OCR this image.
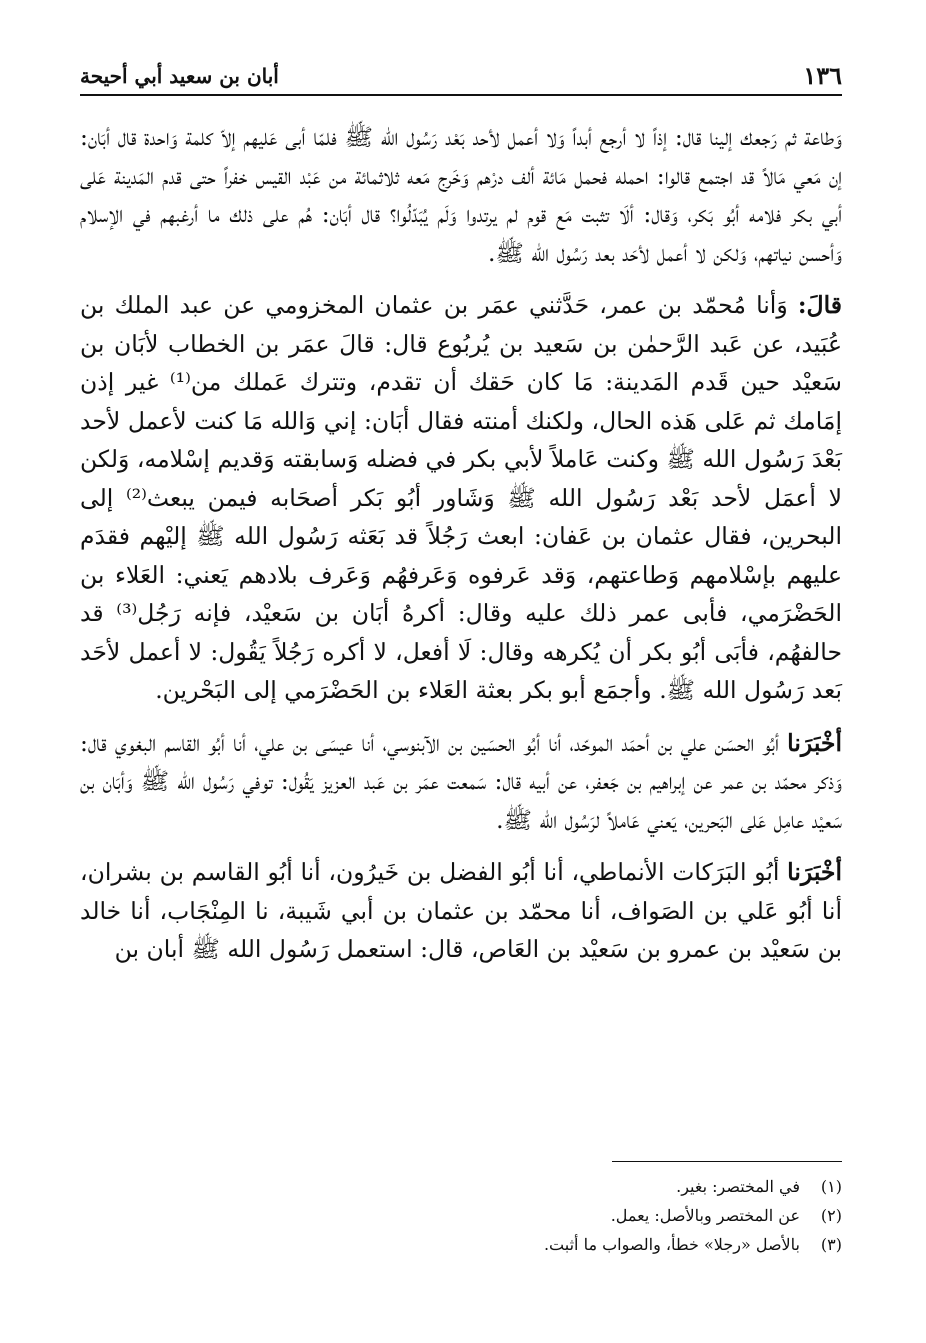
١٣٦
أبان بن سعيد أبي أحيحة

وَطاعة ثم رَجعك إلينا قال: إذاً لا أرجع أبداً وَلا أعمل لأحد بَعْد رَسُول الله ﷺ فلمّا أبى عَليهم إلاّ كلمة وَاحدة قال أبَان: إن مَعي مَالاً قد اجتمع قالوا: احمله فحمل مَائة ألف درْهم وَخَرج مَعه ثلاثمائة من عَبْد القيس خفراً حتى قدم المَدينة عَلى أبي بكر فلامه أبُو بَكر، وَقال: ألَا تثبت مَع قوم لم يرتدوا وَلَم يُبَدّلُوا؟ قال أبَان: هُم على ذلك ما أرغبهم في الإسلام وَأحسن نياتهم، وَلكن لا أعمل لأحَد بعد رَسُول الله ﷺ.

قالَ: وَأنا مُحمّد بن عمر، حَدَّثني عمَر بن عثمان المخزومي عن عبد الملك بن عُبَيد، عن عَبد الرَّحمٰن بن سَعيد بن يُربُوع قال: قالَ عمَر بن الخطاب لأبَان بن سَعيْد حين قَدم المَدينة: مَا كان حَقك أن تقدم، وتترك عَملك من⁽¹⁾ غير إذن إمَامك ثم عَلى هَذه الحال، ولكنك أمنته فقال أبَان: إني وَالله مَا كنت لأعمل لأحد بَعْدَ رَسُول الله ﷺ وكنت عَاملاً لأبي بكر في فضله وَسابقته وَقديم إسْلامه، وَلكن لا أعمَل لأحد بَعْد رَسُول الله ﷺ وَشَاور أبُو بَكر أصحَابه فيمن يبعث⁽²⁾ إلى البحرين، فقال عثمان بن عَفان: ابعث رَجُلاً قد بَعَثه رَسُول الله ﷺ إليْهم فقدَم عليهم بإسْلامهم وَطاعتهم، وَقد عَرفوه وَعَرفهُم وَعَرف بلادهم يَعني: العَلاء بن الحَضْرَمي، فأبى عمر ذلك عليه وقال: أكرهُ أبَان بن سَعيْد، فإنه رَجُل⁽³⁾ قد حالفهُم، فأبَى أبُو بكر أن يُكرهه وقال: لَا أفعل، لا أكره رَجُلاً يَقُول: لا أعمل لأحَد بَعد رَسُول الله ﷺ. وأجمَع أبو بكر بعثة العَلاء بن الحَضْرَمي إلى البَحْرين.

أخْبَرَنا أبُو الحسَن علي بن أحمَد الموحّد، أنا أبُو الحسَين بن الآبنوسي، أنا عيسَى بن علي، أنا أبُو القاسم البغوي قال: وَذكر محمّد بن عمر عن إبراهيم بن جَعفر، عن أبيه قال: سَمعت عمَر بن عَبد العزيز يَقُول: توفي رَسُول الله ﷺ وَأبَان بن سَعيْد عامِل عَلى البَحرين، يَعني عَاملاً لرَسُول الله ﷺ.

أخْبَرَنا أبُو البَرَكات الأنماطي، أنا أبُو الفضل بن خَيرُون، أنا أبُو القاسم بن بشران، أنا أبُو عَلي بن الصَواف، أنا محمّد بن عثمان بن أبي شَيبة، نا المِنْجَاب، أنا خالد بن سَعيْد بن عمرو بن سَعيْد بن العَاص، قال: استعمل رَسُول الله ﷺ أبان بن

(١)
في المختصر: بغير.
(٢)
عن المختصر وبالأصل: يعمل.
(٣)
بالأصل «رجلا» خطأ، والصواب ما أثبت.
